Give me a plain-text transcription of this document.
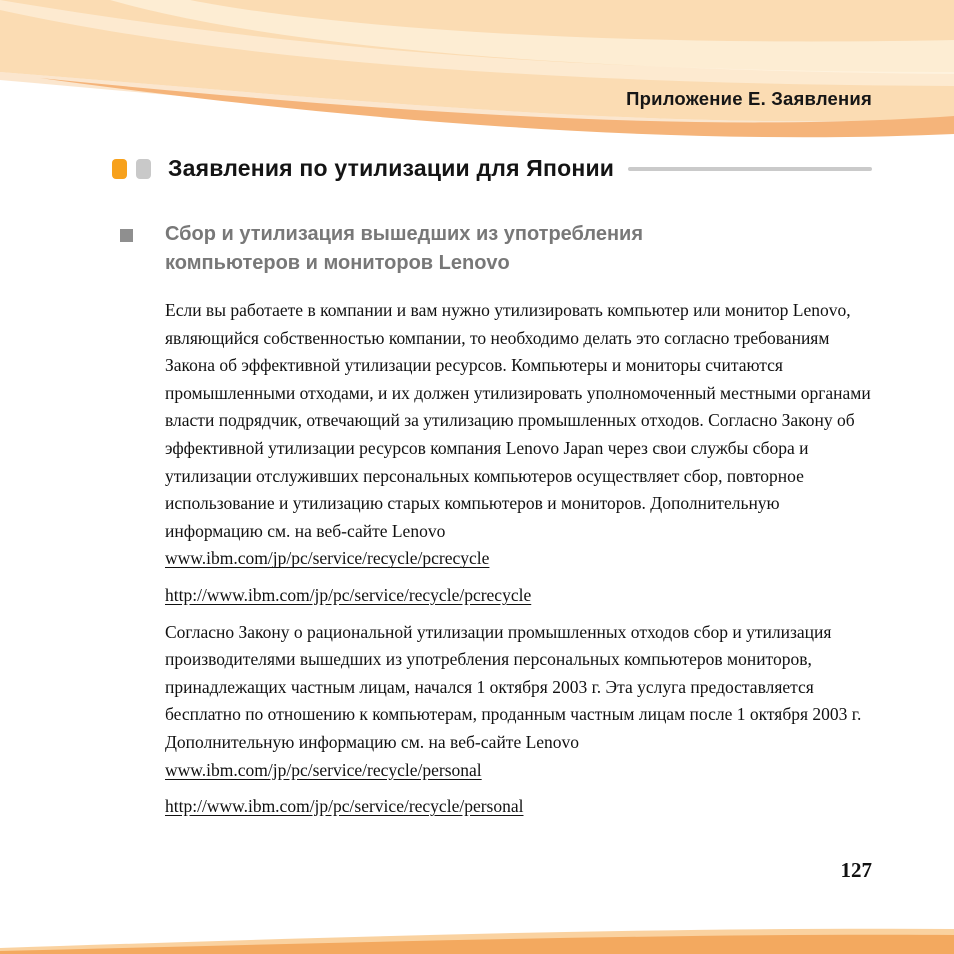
Приложение Е. Заявления
Заявления по утилизации для Японии
Сбор и утилизация вышедших из употребления компьютеров и мониторов Lenovo

Если вы работаете в компании и вам нужно утилизировать компьютер или монитор Lenovo, являющийся собственностью компании, то необходимо делать это согласно требованиям Закона об эффективной утилизации ресурсов. Компьютеры и мониторы считаются промышленными отходами, и их должен утилизировать уполномоченный местными органами власти подрядчик, отвечающий за утилизацию промышленных отходов. Согласно Закону об эффективной утилизации ресурсов компания Lenovo Japan через свои службы сбора и утилизации отслуживших персональных компьютеров осуществляет сбор, повторное использование и утилизацию старых компьютеров и мониторов. Дополнительную информацию см. на веб-сайте Lenovo
www.ibm.com/jp/pc/service/recycle/pcrecycle

http://www.ibm.com/jp/pc/service/recycle/pcrecycle

Согласно Закону о рациональной утилизации промышленных отходов сбор и утилизация производителями вышедших из употребления персональных компьютеров мониторов, принадлежащих частным лицам, начался 1 октября 2003 г. Эта услуга предоставляется бесплатно по отношению к компьютерам, проданным частным лицам после 1 октября 2003 г. Дополнительную информацию см. на веб-сайте Lenovo
www.ibm.com/jp/pc/service/recycle/personal

http://www.ibm.com/jp/pc/service/recycle/personal

127
